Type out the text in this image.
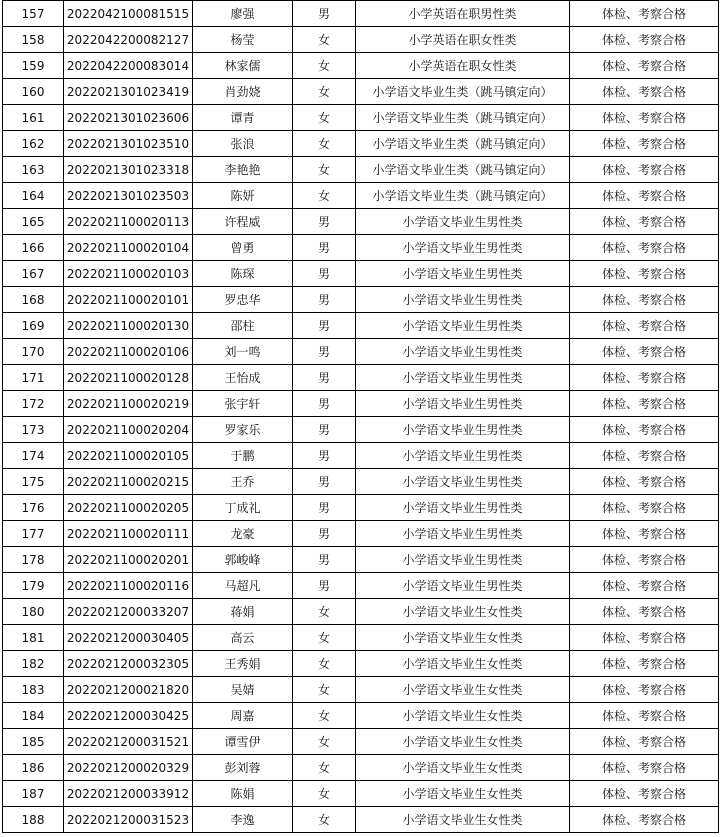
157	2022042100081515	廖强	男	小学英语在职男性类	体检、考察合格
158	2022042200082127	杨莹	女	小学英语在职女性类	体检、考察合格
159	2022042200083014	林家儒	女	小学英语在职女性类	体检、考察合格
160	2022021301023419	肖劲娆	女	小学语文毕业生类（跳马镇定向）	体检、考察合格
161	2022021301023606	谭青	女	小学语文毕业生类（跳马镇定向）	体检、考察合格
162	2022021301023510	张浪	女	小学语文毕业生类（跳马镇定向）	体检、考察合格
163	2022021301023318	李艳艳	女	小学语文毕业生类（跳马镇定向）	体检、考察合格
164	2022021301023503	陈妍	女	小学语文毕业生类（跳马镇定向）	体检、考察合格
165	2022021100020113	许程威	男	小学语文毕业生男性类	体检、考察合格
166	2022021100020104	曾勇	男	小学语文毕业生男性类	体检、考察合格
167	2022021100020103	陈琛	男	小学语文毕业生男性类	体检、考察合格
168	2022021100020101	罗忠华	男	小学语文毕业生男性类	体检、考察合格
169	2022021100020130	邵柱	男	小学语文毕业生男性类	体检、考察合格
170	2022021100020106	刘一鸣	男	小学语文毕业生男性类	体检、考察合格
171	2022021100020128	王怡成	男	小学语文毕业生男性类	体检、考察合格
172	2022021100020219	张宇轩	男	小学语文毕业生男性类	体检、考察合格
173	2022021100020204	罗家乐	男	小学语文毕业生男性类	体检、考察合格
174	2022021100020105	于鹏	男	小学语文毕业生男性类	体检、考察合格
175	2022021100020215	王乔	男	小学语文毕业生男性类	体检、考察合格
176	2022021100020205	丁成礼	男	小学语文毕业生男性类	体检、考察合格
177	2022021100020111	龙豪	男	小学语文毕业生男性类	体检、考察合格
178	2022021100020201	郭峻峰	男	小学语文毕业生男性类	体检、考察合格
179	2022021100020116	马超凡	男	小学语文毕业生男性类	体检、考察合格
180	2022021200033207	蒋娟	女	小学语文毕业生女性类	体检、考察合格
181	2022021200030405	高云	女	小学语文毕业生女性类	体检、考察合格
182	2022021200032305	王秀娟	女	小学语文毕业生女性类	体检、考察合格
183	2022021200021820	吴婧	女	小学语文毕业生女性类	体检、考察合格
184	2022021200030425	周嘉	女	小学语文毕业生女性类	体检、考察合格
185	2022021200031521	谭雪伊	女	小学语文毕业生女性类	体检、考察合格
186	2022021200020329	彭刘蓉	女	小学语文毕业生女性类	体检、考察合格
187	2022021200033912	陈娟	女	小学语文毕业生女性类	体检、考察合格
188	2022021200031523	李逸	女	小学语文毕业生女性类	体检、考察合格
